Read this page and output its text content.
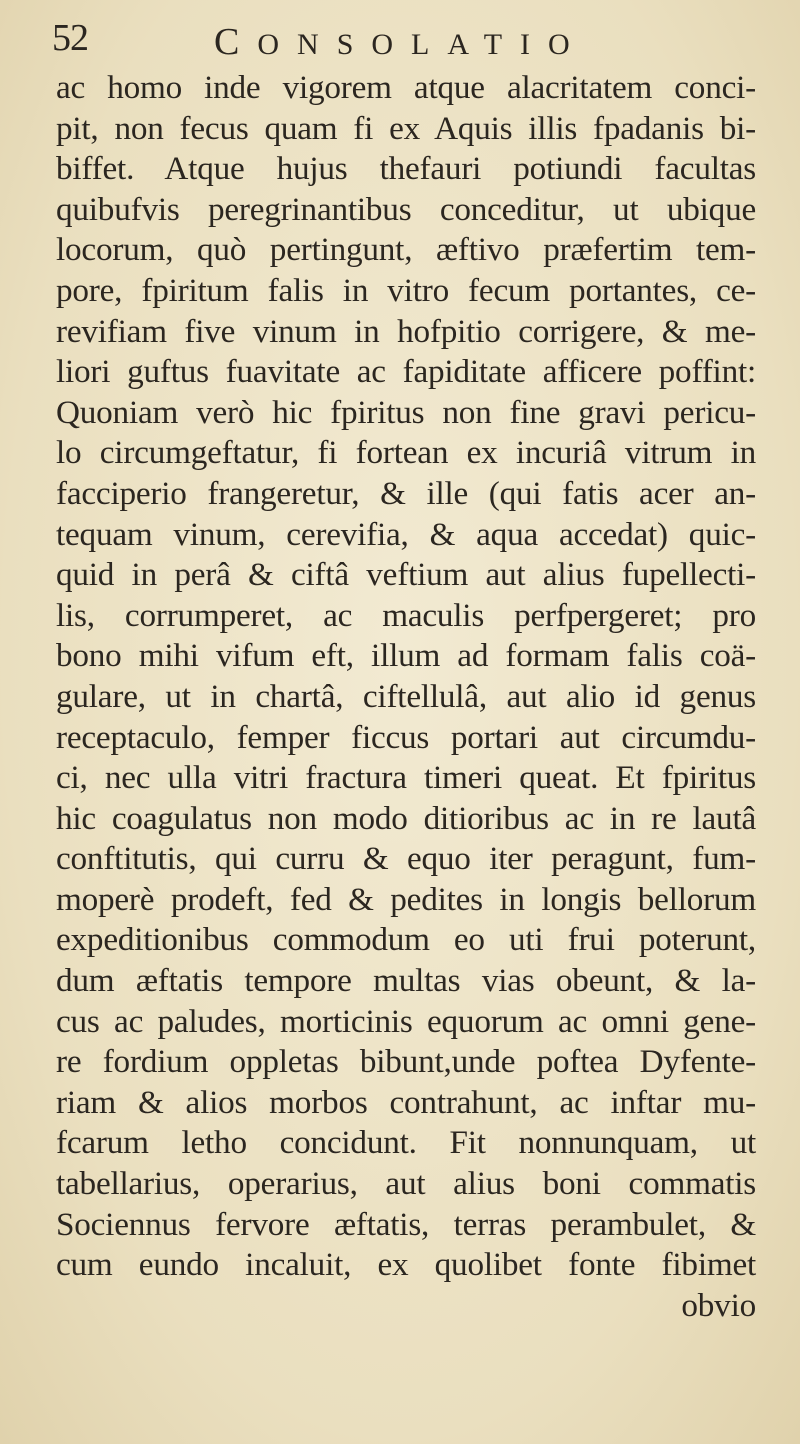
52	CONSOLATIO
ac homo inde vigorem atque alacritatem conci-
pit, non fecus quam fi ex Aquis illis fpadanis bi-
biffet. Atque hujus thefauri potiundi facultas
quibufvis peregrinantibus conceditur, ut ubique
locorum, quò pertingunt, æftivo præfertim tem-
pore, fpiritum falis in vitro fecum portantes, ce-
revifiam five vinum in hofpitio corrigere, & me-
liori guftus fuavitate ac fapiditate afficere poffint:
Quoniam verò hic fpiritus non fine gravi pericu-
lo circumgeftatur, fi fortean ex incuriâ vitrum in
facciperio frangeretur, & ille (qui fatis acer an-
tequam vinum, cerevifia, & aqua accedat) quic-
quid in perâ & ciftâ veftium aut alius fupellecti-
lis, corrumperet, ac maculis perfpergeret; pro
bono mihi vifum eft, illum ad formam falis coä-
gulare, ut in chartâ, ciftellulâ, aut alio id genus
receptaculo, femper ficcus portari aut circumdu-
ci, nec ulla vitri fractura timeri queat. Et fpiritus
hic coagulatus non modo ditioribus ac in re lautâ
conftitutis, qui curru & equo iter peragunt, fum-
moperè prodeft, fed & pedites in longis bellorum
expeditionibus commodum eo uti frui poterunt,
dum æftatis tempore multas vias obeunt, & la-
cus ac paludes, morticinis equorum ac omni gene-
re fordium oppletas bibunt,unde poftea Dyfente-
riam & alios morbos contrahunt, ac inftar mu-
fcarum letho concidunt. Fit nonnunquam, ut
tabellarius, operarius, aut alius boni commatis
Sociennus fervore æftatis, terras perambulet, &
cum eundo incaluit, ex quolibet fonte fibimet
obvio
